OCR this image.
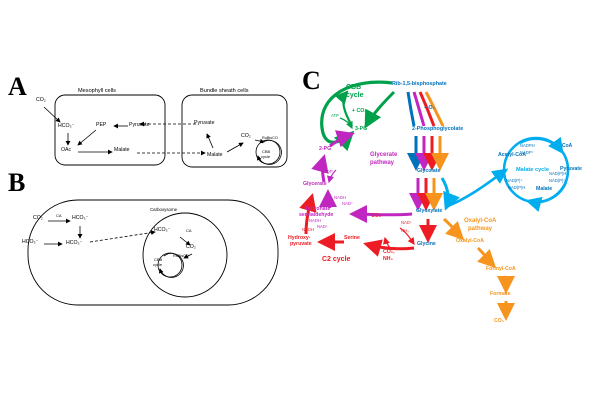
A
B
C
Mesophyll cells	Bundle sheath cells
CO₂
HCO₃⁻	PEP	Pyruvate
OAc	Malate
Pyruvate
Malate
CO₂	RuBisCO
CBB
cycle
CO₂	CA HCO₃⁻
HCO₃⁻	HCO₃⁻
Carboxysome
HCO₃⁻	CA
CO₂
CBB
cycle
RuBisCO
CBB
cycle
Glycerate
pathway
C2 cycle
Malate cycle
Oxalyl-CoA
pathway
Rib-1,5-bisphosphate
+ CO₂	+ O₂
3-PG	2-Phosphoglycolate
2-PG
Glycolate
Glycerate
Tartronate
semialdehyde
Glyoxylate
Glycine
CO₂,
NH₃
Serine
Hydroxy-
pyruvate	Oxalyl-CoA
Formyl-CoA
Formate
CO₂
Acetyl-CoA
CoA
Pyruvate
Malate
CO₂
ATP
ADP
NADH
NAD⁺
NADH
NAD⁺
NADH
NAD⁺
NH₃
NADPH
NADP⁺
NAD(P)H
NAD(P)⁺
NAD(P)⁺
NAD(P)H
